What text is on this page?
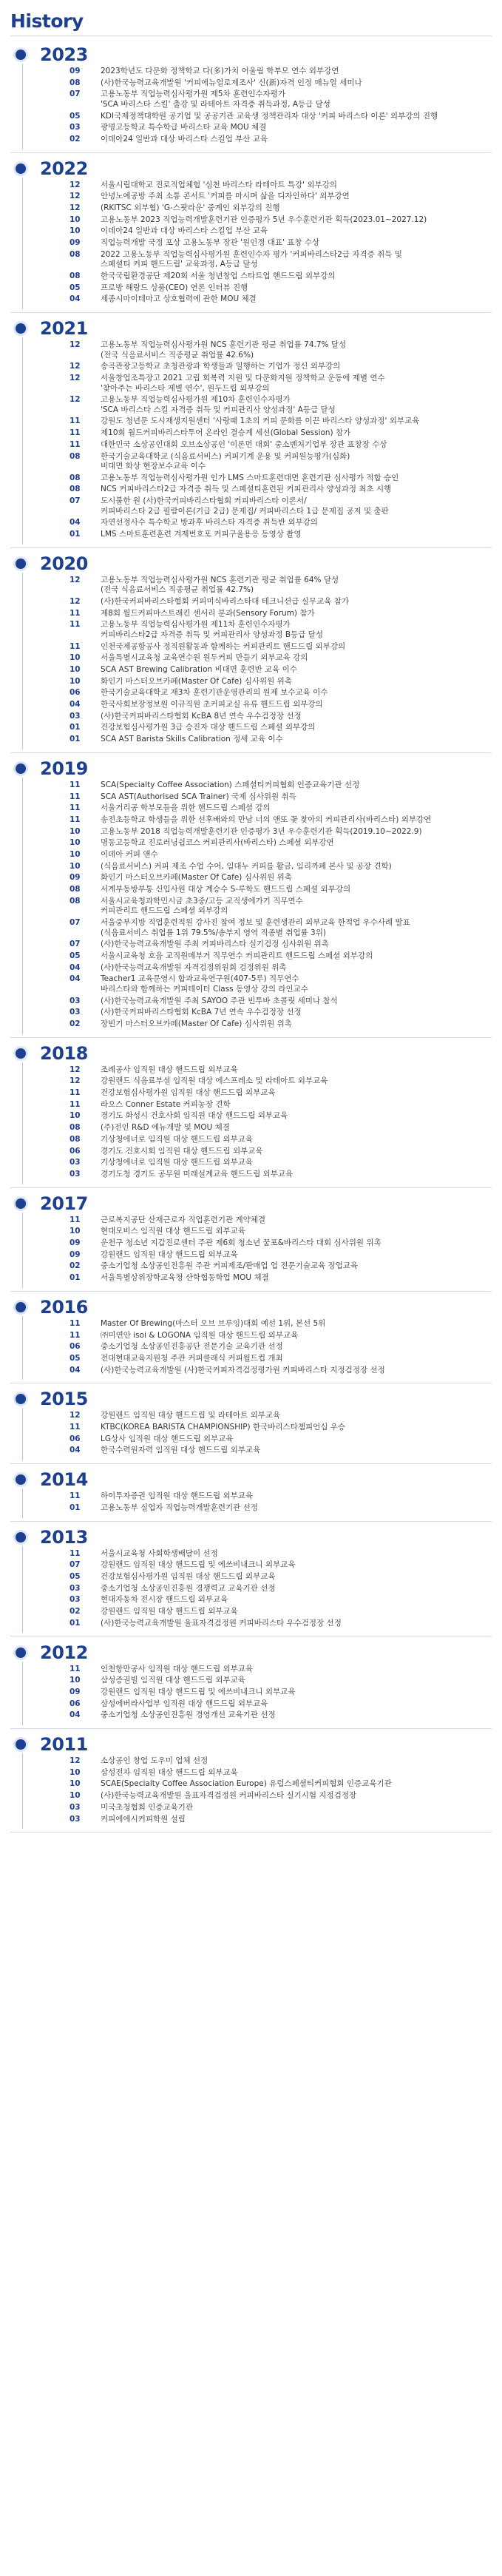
History
2023
09	2023학년도 다문화 정책학교 다(多)가치 어울림 학부모 연수 외부강연
08	(사)한국능력교육개발원 '커피에뉴얼로제조사' 신(新)자격 인정 매뉴얼 세미나
07	고용노동부 직업능력심사평가원 제5차 훈련인수자평가
'SCA 바리스타 스킬' 출강 및 라테아트 자격증 취득과정, A등급 달성
05	KDI국제정책대학원 공기업 및 공공기관 교육생 정책관리자 대상 '커피 바리스타 이론' 외부강의 진행
03	광명고등학교 특수학급 바리스타 교육 MOU 체결
02	이데아24 일반과 대상 바리스타 스킬업 부산 교육
2022
12	서울시립대학교 진로직업체험 '심천 바리스타 라테아트 특강' 외부강의
12	안녕노예공방 주최 소통 콘서트 '커피를 마시며 삶을 디자인하다' 외부강연
12	(RKITSC 외부협) 'G-스팟라운' 중계인 외부강의 진행
10	고용노동부 2023 직업능력개발훈련기관 인증평가 5년 우수훈련기관 획득(2023.01~2027.12)
10	이데아24 일반과 대상 바리스타 스킬업 부산 교육
09	직업능력개발 국정 포상 고용노동부 장관 '원인정 대표' 표창 수상
08	2022 고용노동부 직업능력심사평가원 훈련인수자 평가 '커피바리스타2급 자격증 취득 및
스페셜티 커피 핸드드립' 교육과정, A등급 달성
08	한국국립환경공단 제20회 서울 청년창업 스타트업 핸드드립 외부강의
05	프로방 해랑드 상품(CEO) 연론 인터뷰 진행
04	세종시마이테마고 상호협력에 관한 MOU 체결
2021
12	고용노동부 직업능력심사평가원 NCS 훈련기관 평균 취업률 74.7% 달성
(전국 식음료서비스 직종평균 취업률 42.6%)
12	송곡관광고등학교 초청관광과 학생들과 일행하는 기업가 정신 외부강의
12	서울창업조특장고 2021 고립 회복력 지원 및 다문화지원 정책학교 운동에 제별 연수
'찾아주는 바리스타 제별 연수', 원두드립 외부강의
12	고용노동부 직업능력심사평가원 제10차 훈련인수자평가
'SCA 바리스타 스킬 자격증 취득 및 커피관리사 양성과정' A등급 달성
11	강원도 청년문 도시재생지원센터 '사랑때 1초의 커피 문화를 이끈 바리스타 양성과정' 외부교육
11	제10회 월드커피바리스타투어 온라인 결승계 세선(Global Session) 참가
11	대한민국 소상공인대회 오브소상공인 '이론먼 대회' 중소벤처기업부 장관 표창장 수상
08	한국기술교육대학교 (식음료서비스) 커피기계 운용 및 커피원능평가(심화)
비대면 화상 현장보수교육 이수
08	고용노동부 직업능력심사평가원 인가 LMS 스마트훈련대면 훈련기관 심사평가 적합 승인
08	NCS 커피바리스타2급 자격증 취득 및 스페셜티훈련된 커피관리사 양성과정 최초 시행
07	도시불한 원 (사)한국커피바리스타협회 커피바리스타 이론서/
커피바리스타 2급 필람이론(기급 2급) 문제집/ 커피바리스타 1급 문제집 공저 및 출판
04	자연선정사수 특수학교 방과후 바리스타 자격증 취득반 외부강의
01	LMS 스마트훈련훈련 겨제번호포 커피구울용응 동영상 촬영
2020
12	고용노동부 직업능력심사평가원 NCS 훈련기관 평균 취업률 64% 달성
(전국 식음료서비스 직종평균 취업률 42.7%)
12	(사)한국커피바리스타협회 커피미식바리스타대 테크니션급 실무교육 참가
11	제8회 월드커피마스트래킨 센서리 분과(Sensory Forum) 참가
11	고용노동부 직업능력심사평가원 제11차 훈련인수자평가
커피바리스타2급 자격증 취득 및 커피관리사 양성과정 B등급 달성
11	인천국제공항공사 정직원활동과 함께하는 커피관리트 핸드드립 외부강의
10	서울특별시교육청 교육연수원 원두커피 만들기 외부교육 강의
10	SCA AST Brewing Calibration 비대면 훈련반 교육 이수
10	화인기 마스터오브카페(Master Of Cafe) 심사위원 위촉
06	한국기술교육대학교 재3차 훈련기관운영관리의 원제 보수교육 이수
04	한국사회보장정보원 이규직원 초커피교실 유류 핸드드립 외부강의
03	(사)한국커피바리스타협회 KcBA 8년 연속 우수검정장 선정
01	건강보험심사평가원 3급 승진자 대상 핸드드립 스페셜 외부강의
01	SCA AST Barista Skills Calibration 정세 교육 이수
2019
11	SCA(Specialty Coffee Association) 스페셜티커피협회 인증교육기관 선정
11	SCA AST(Authorised SCA Trainer) 국제 심사위원 취득
11	서울거리공 학부모들을 위한 핸드드립 스페셜 강의
11	송전초등학교 학생들을 위한 선후배와의 만남 너의 앤또 꽃 찾아의 커피관리사(바리스타) 외부강연
10	고용노동부 2018 직업능력개발훈련기관 인증평가 3년 우수훈련기관 획득(2019.10~2022.9)
10	명동고등학교 진로러닝쉽코스 커피관리사(바리스타) 스페셜 외부강연
10	이데아 커피 앤수
10	(식음료서비스) 커피 제조 수업 수어, 임대누 커피를 활금, 임리까페 본사 및 공장 견학)
09	화인기 마스터오브카페(Master Of Cafe) 심사위원 위촉
08	서계부동방부통 신입사원 대상 계승수 S-루학도 핸드드립 스페셜 외부강의
08	서울시교육청과학민시금 초3중/고등 교직생에가기 직무연수
커피관리트 핸드드립 스페셜 외부강의
07	서울중부지방 직업훈련적원 강사진 참여 정보 및 훈련생관리 외부교육 한적업 우수사례 발표
(식음료서비스 취업률 1위 79.5%/송부지 영역 직종별 취업률 3위)
07	(사)한국능력교육개발원 주최 커피바리스타 실기검정 심사위원 위촉
05	서울시교육청 호음 교직원메부거 직무연수 커피관리트 핸드드립 스페셜 외부강의
04	(사)한국능력교육개발원 자격검정위원회 검정위원 위촉
04	Teacher1 교육문영시 합과교육연구원(407-5루) 직무연수
바리스타와 함께하는 커피테이터 Class 동영상 강의 라인교수
03	(사)한국능력교육개발원 주최 SAYOO 주관 빈투바 초콜릿 세미나 참석
03	(사)한국커피바리스타협회 KcBA 7년 연속 우수검정장 선정
02	장빈기 마스터오브카페(Master Of Cafe) 심사위원 위촉
2018
12	조례공사 임직원 대상 핸드드립 외부교육
12	강원랜드 식음료부설 임직원 대상 에스프레소 및 라테아트 외부교육
11	건강보험심사평가원 임직원 대상 핸드드립 외부교육
11	라오스 Conner Estate 커피농장 견학
10	경기도 화성시 건호사회 임직원 대상 핸드드립 외부교육
08	(주)전인 R&D 에뉴개발 및 MOU 체결
08	기상청에너로 임직원 대상 핸드드립 외부교육
06	경기도 건호시회 임직원 대상 핸드드립 외부교육
03	기상청에너로 임직원 대상 핸드드립 외부교육
03	경기도청 경기도 공무원 미래설계교육 핸드드립 외부교육
2017
11	근로복지공단 산재근로자 직업훈련기관 계약체결
10	현대모비스 임직원 대상 핸드드립 외부교육
09	운천구 청소년 지갑진로센터 주관 제6회 청소년 꿈포&바리스타 대회 심사위원 위촉
09	강원랜드 임직원 대상 핸드드립 외부교육
02	중소기업청 소상공인진흥원 주관 커피제조/판매업 업 전문기술교육 장업교육
01	서울특별상위장학교육청 산학협동학업 MOU 체결
2016
11	Master Of Brewing(마스터 오브 브루잉)대회 예선 1위, 본선 5위
11	㈜미연안 isoi & LOGONA 임직원 대상 핸드드립 외부교육
06	중소기업청 소상공인진흥공단 전문기술 교육기관 선정
05	전대현대교육지원청 주관 커피클래식 커피월드컵 개최
04	(사)한국능력교육개발원 (사)한국커피자격검정평가원 커피바리스타 지정검정장 선정
2015
12	강원랜드 임직원 대상 핸드드립 및 라테아트 외부교육
11	KTBC(KOREA BARISTA CHAMPIONSHIP) 한국바리스타챔피언십 우승
06	LG상사 임직원 대상 핸드드립 외부교육
04	한국수력원자력 임직원 대상 핸드드립 외부교육
2014
11	하이투자증권 임직원 대상 핸드드립 외부교육
01	고용노동부 실업자 직업능력개발훈련기관 선정
2013
11	서울시교육청 사회학생배달이 선정
07	강원랜드 임직원 대상 핸드드립 및 에쓰비내크니 외부교육
05	건강보험심사평가원 임직원 대상 핸드드립 외부교육
03	중소기업청 소상공인진흥원 경쟁력교 교육기관 선정
03	현대자동차 전시장 핸드드립 외부교육
02	강원랜드 임직원 대상 핸드드립 외부교육
01	(사)한국능력교육개발원 울표자격검정원 커피바리스타 우수검정장 선정
2012
11	인천항만공사 임직원 대상 핸드드립 외부교육
10	삼성증권빌 임직원 대상 핸드드립 외부교육
09	강원랜드 임직원 대상 핸드드립 및 에쓰비내크니 외부교육
06	삼성에버라사업부 임직원 대상 핸드드립 외부교육
04	중소기업청 소상공인진흥원 경영개선 교육기관 선정
2011
12	소상공인 창업 도우미 업체 선정
10	삼성전자 임직원 대상 핸드드립 외부교육
10	SCAE(Specialty Coffee Association Europe) 유럽스페셜티커피협회 인증교육기관
10	(사)한국능력교육개발원 울표자격검정원 커피바리스타 실기시험 지정검정장
03	미국초청협회 인증교육기관
03	커피에에시커피학원 설립
